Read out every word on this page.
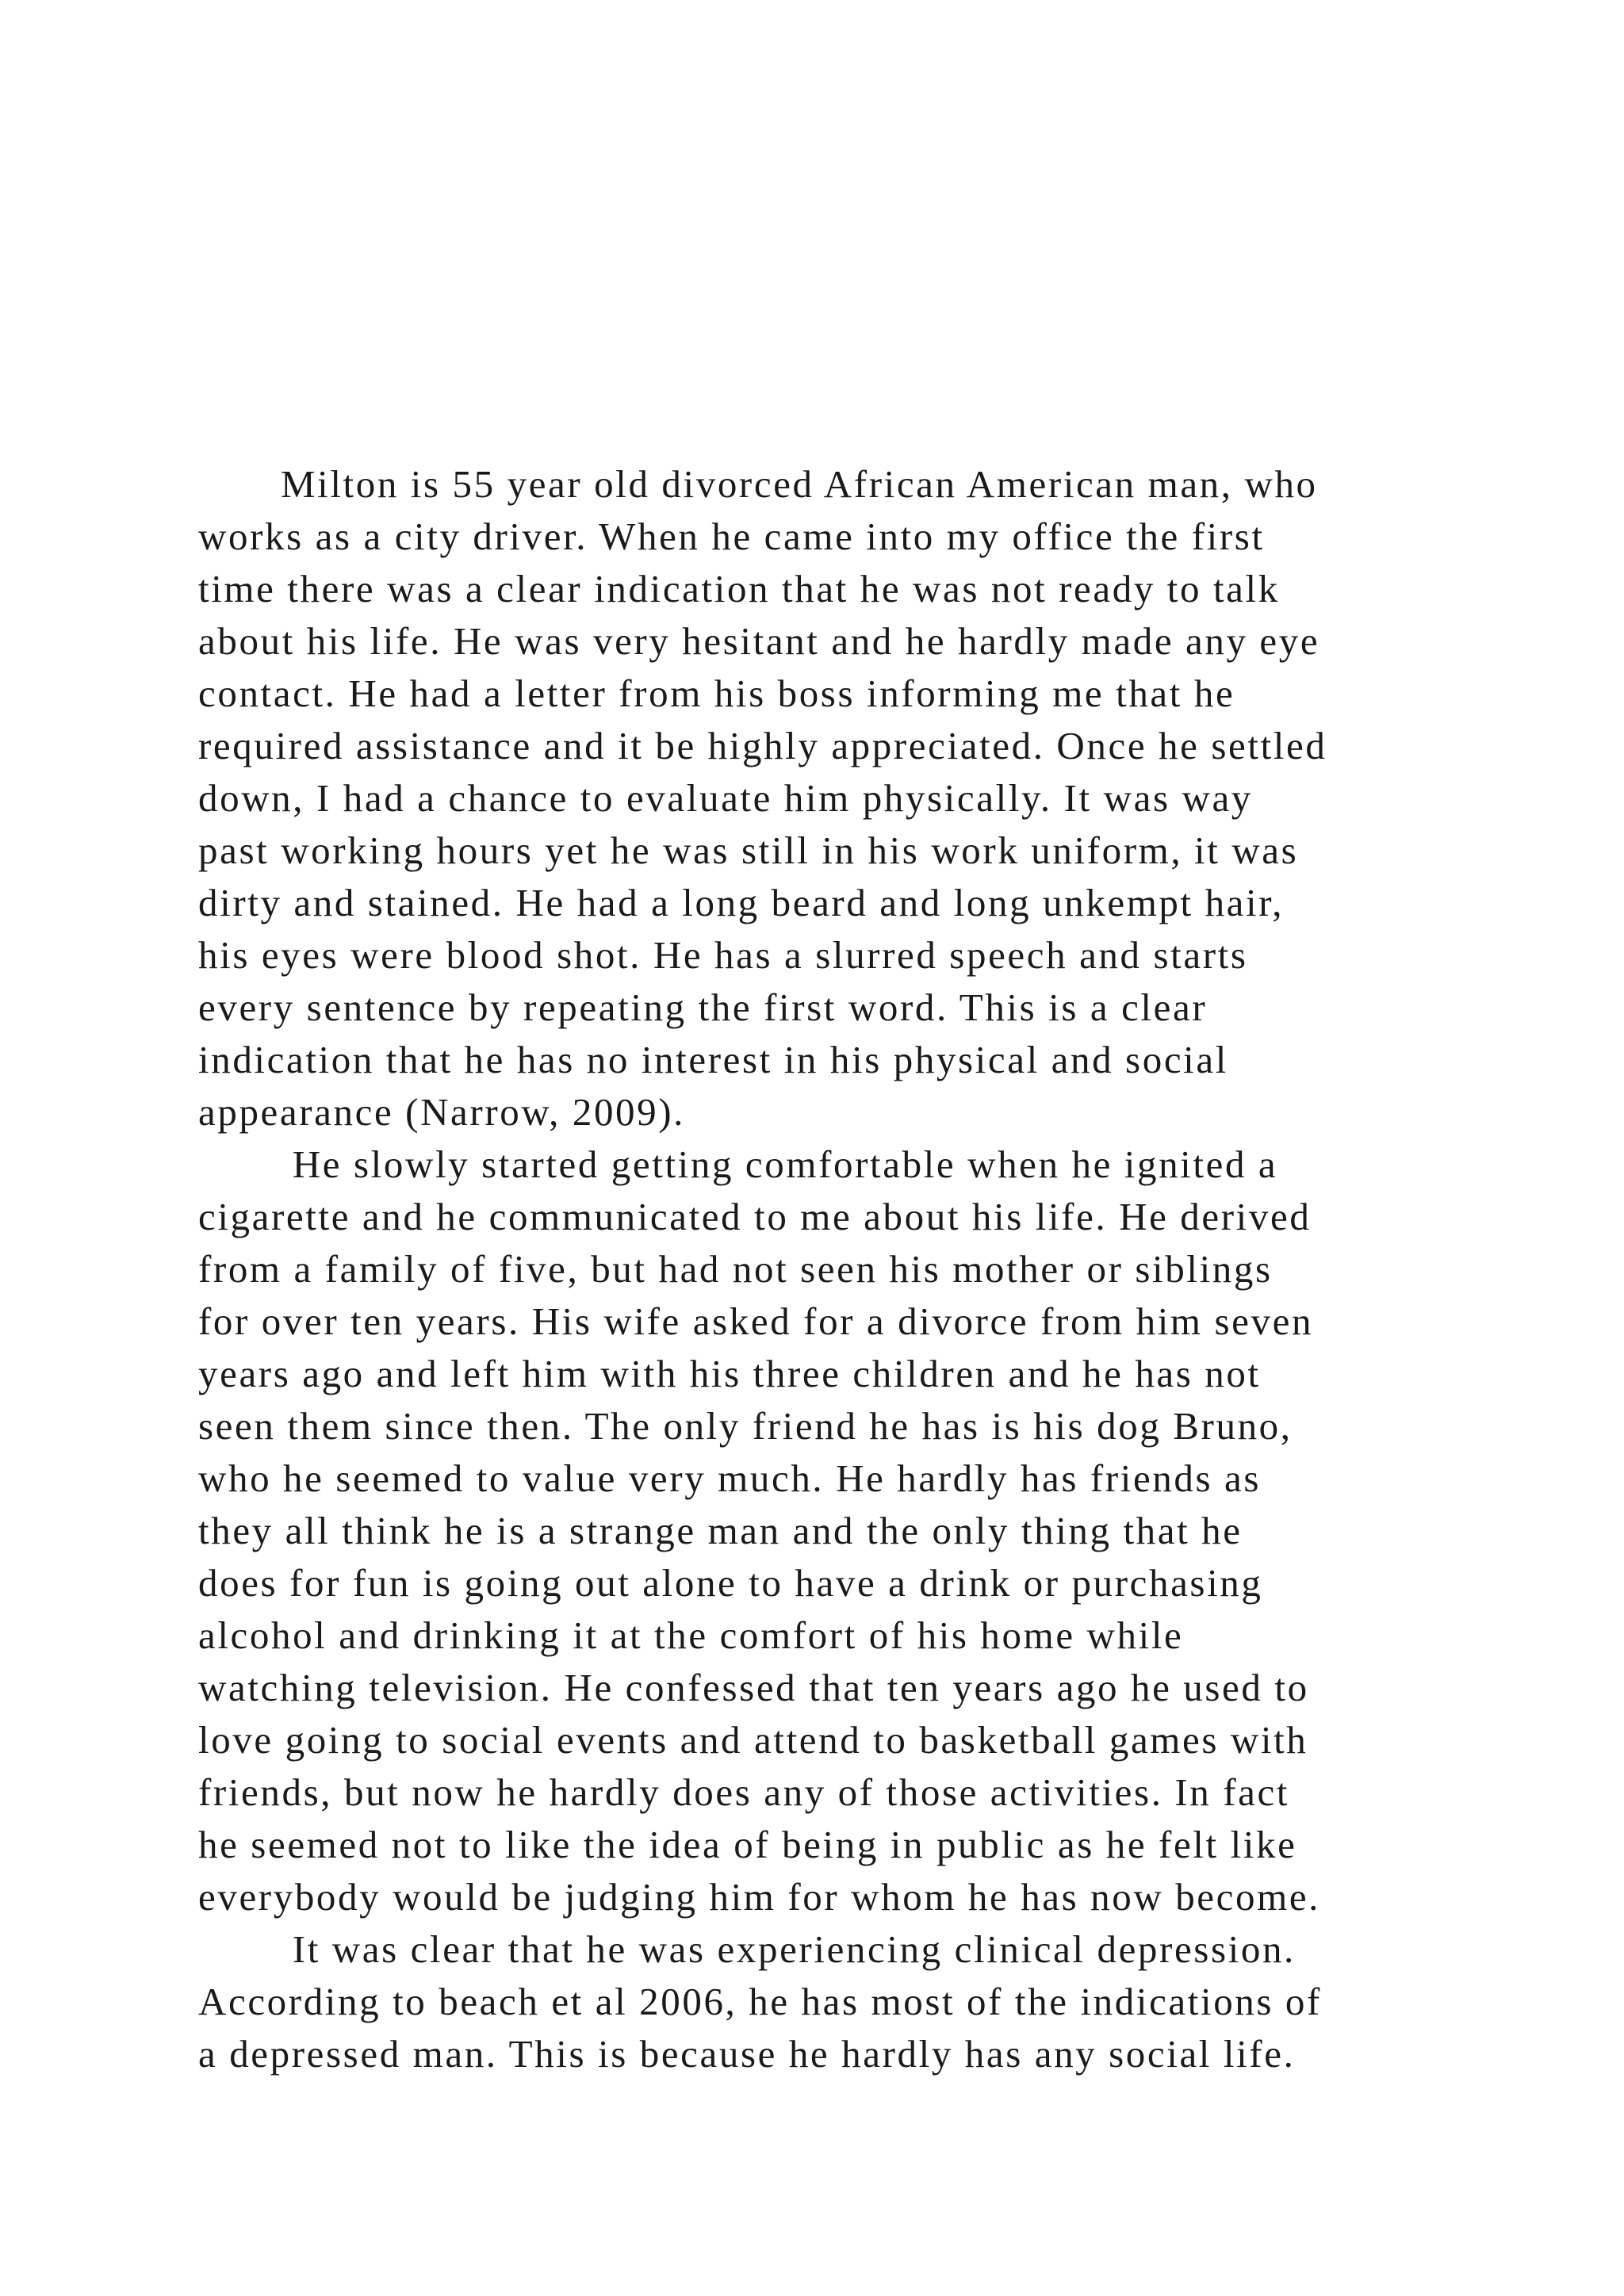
Milton is 55 year old divorced African American man, who
works as a city driver. When he came into my office the first
time there was a clear indication that he was not ready to talk
about his life. He was very hesitant and he hardly made any eye
contact. He had a letter from his boss informing me that he
required assistance and it be highly appreciated. Once he settled
down, I had a chance to evaluate him physically. It was way
past working hours yet he was still in his work uniform, it was
dirty and stained. He had a long beard and long unkempt hair,
his eyes were blood shot. He has a slurred speech and starts
every sentence by repeating the first word. This is a clear
indication that he has no interest in his physical and social
appearance (Narrow, 2009).
He slowly started getting comfortable when he ignited a
cigarette and he communicated to me about his life. He derived
from a family of five, but had not seen his mother or siblings
for over ten years. His wife asked for a divorce from him seven
years ago and left him with his three children and he has not
seen them since then. The only friend he has is his dog Bruno,
who he seemed to value very much. He hardly has friends as
they all think he is a strange man and the only thing that he
does for fun is going out alone to have a drink or purchasing
alcohol and drinking it at the comfort of his home while
watching television. He confessed that ten years ago he used to
love going to social events and attend to basketball games with
friends, but now he hardly does any of those activities. In fact
he seemed not to like the idea of being in public as he felt like
everybody would be judging him for whom he has now become.
It was clear that he was experiencing clinical depression.
According to beach et al 2006, he has most of the indications of
a depressed man. This is because he hardly has any social life.
